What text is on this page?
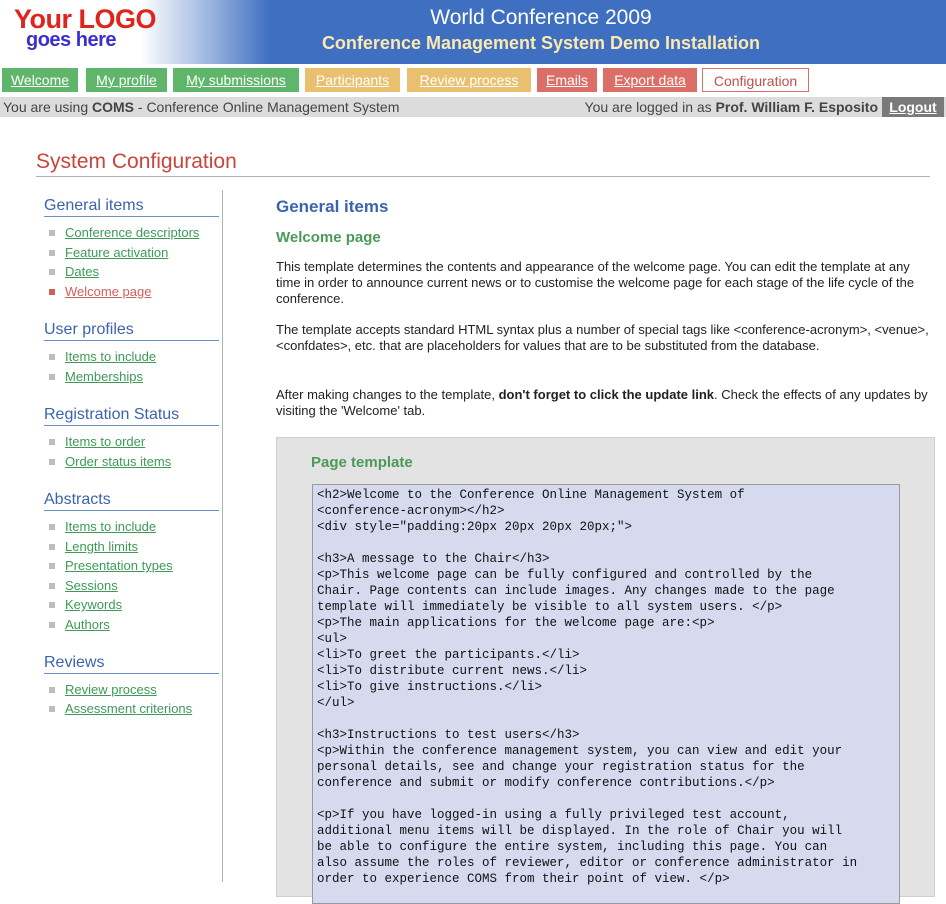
Your LOGO
goes here
World Conference 2009
Conference Management System Demo Installation
Welcome	My profile	My submissions	Participants	Review process	Emails	Export data	Configuration
You are using COMS - Conference Online Management System	You are logged in as Prof. William F. Esposito Logout
System Configuration
General items
Conference descriptors
Feature activation
Dates
Welcome page
User profiles
Items to include
Memberships
Registration Status
Items to order
Order status items
Abstracts
Items to include
Length limits
Presentation types
Sessions
Keywords
Authors
Reviews
Review process
Assessment criterions
General items
Welcome page
This template determines the contents and appearance of the welcome page. You can edit the template at any time in order to announce current news or to customise the welcome page for each stage of the life cycle of the conference.
The template accepts standard HTML syntax plus a number of special tags like <conference-acronym>, <venue>, <confdates>, etc. that are placeholders for values that are to be substituted from the database.
After making changes to the template, don't forget to click the update link. Check the effects of any updates by visiting the 'Welcome' tab.
Page template
<h2>Welcome to the Conference Online Management System of
<conference-acronym></h2>
<div style="padding:20px 20px 20px 20px;">

<h3>A message to the Chair</h3>
<p>This welcome page can be fully configured and controlled by the
Chair. Page contents can include images. Any changes made to the page
template will immediately be visible to all system users. </p>
<p>The main applications for the welcome page are:<p>
<ul>
<li>To greet the participants.</li>
<li>To distribute current news.</li>
<li>To give instructions.</li>
</ul>

<h3>Instructions to test users</h3>
<p>Within the conference management system, you can view and edit your
personal details, see and change your registration status for the
conference and submit or modify conference contributions.</p>

<p>If you have logged-in using a fully privileged test account,
additional menu items will be displayed. In the role of Chair you will
be able to configure the entire system, including this page. You can
also assume the roles of reviewer, editor or conference administrator in
order to experience COMS from their point of view. </p>
